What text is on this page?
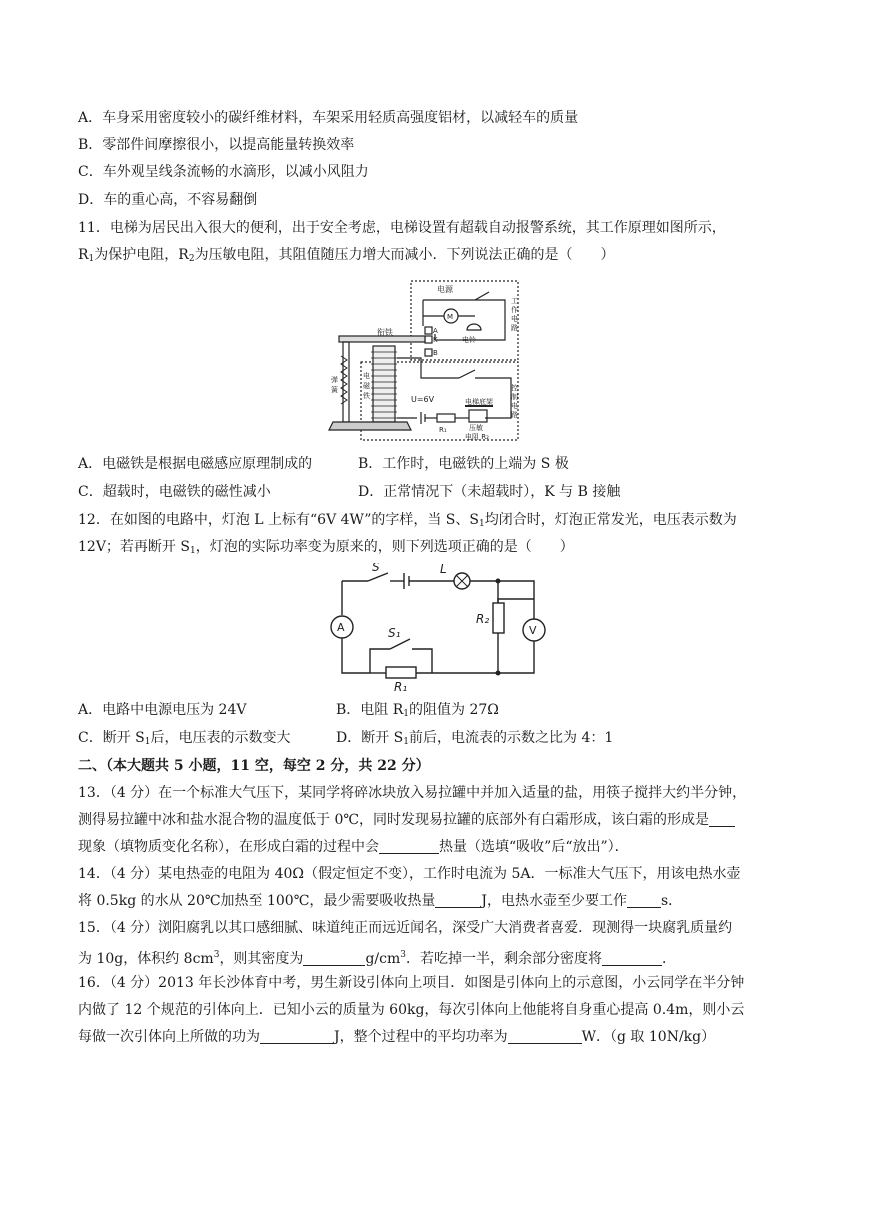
A．车身采用密度较小的碳纤维材料，车架采用轻质高强度铝材，以减轻车的质量
B．零部件间摩擦很小，以提高能量转换效率
C．车外观呈线条流畅的水滴形，以减小风阻力
D．车的重心高，不容易翻倒
11．电梯为居民出入很大的便利，出于安全考虑，电梯设置有超载自动报警系统，其工作原理如图所示，
$R_1$为保护电阻，$R_2$为压敏电阻，其阻值随压力增大而减小．下列说法正确的是（　　）
电源
M
电铃
A
K
B
衔铁
弹
簧
电
磁
铁	U=6V
R₁
电梯底架
压敏
电阻 R₂
工
作
电
路
控
制
电
路
A．电磁铁是根据电磁感应原理制成的	B．工作时，电磁铁的上端为 S 极
C．超载时，电磁铁的磁性减小	D．正常情况下（未超载时），K 与 B 接触
12．在如图的电路中，灯泡 L 上标有“6V 4W”的字样，当 S、$S_1$均闭合时，灯泡正常发光，电压表示数为
12V；若再断开 $S_1$，灯泡的实际功率变为原来的，则下列选项正确的是（　　）
S	L
A	V
S₁
R₁
R₂
A．电路中电源电压为 24V	B．电阻 $R_1$的阻值为 27Ω
C．断开 $S_1$后，电压表的示数变大	D．断开 $S_1$前后，电流表的示数之比为 4：1
二、（本大题共 5 小题，11 空，每空 2 分，共 22 分）
13．（4 分）在一个标准大气压下，某同学将碎冰块放入易拉罐中并加入适量的盐，用筷子搅拌大约半分钟，
测得易拉罐中冰和盐水混合物的温度低于 0℃，同时发现易拉罐的底部外有白霜形成，该白霜的形成是
现象（填物质变化名称），在形成白霜的过程中会	热量（选填“吸收”后“放出”）．
14．（4 分）某电热壶的电阻为 40Ω（假定恒定不变），工作时电流为 5A．一标准大气压下，用该电热水壶
将 0.5kg 的水从 20℃加热至 100℃，最少需要吸收热量	J，电热水壶至少要工作 s．
15．（4 分）浏阳腐乳以其口感细腻、味道纯正而远近闻名，深受广大消费者喜爱．现测得一块腐乳质量约
为 10g，体积约 $8cm^3$，则其密度为	$g/cm^3$．若吃掉一半，剩余部分密度将	．
16．（4 分）2013 年长沙体育中考，男生新设引体向上项目．如图是引体向上的示意图，小云同学在半分钟
内做了 12 个规范的引体向上．已知小云的质量为 60kg，每次引体向上他能将自身重心提高 0.4m，则小云
每做一次引体向上所做的功为	J，整个过程中的平均功率为	W．（g 取 10N/kg）
